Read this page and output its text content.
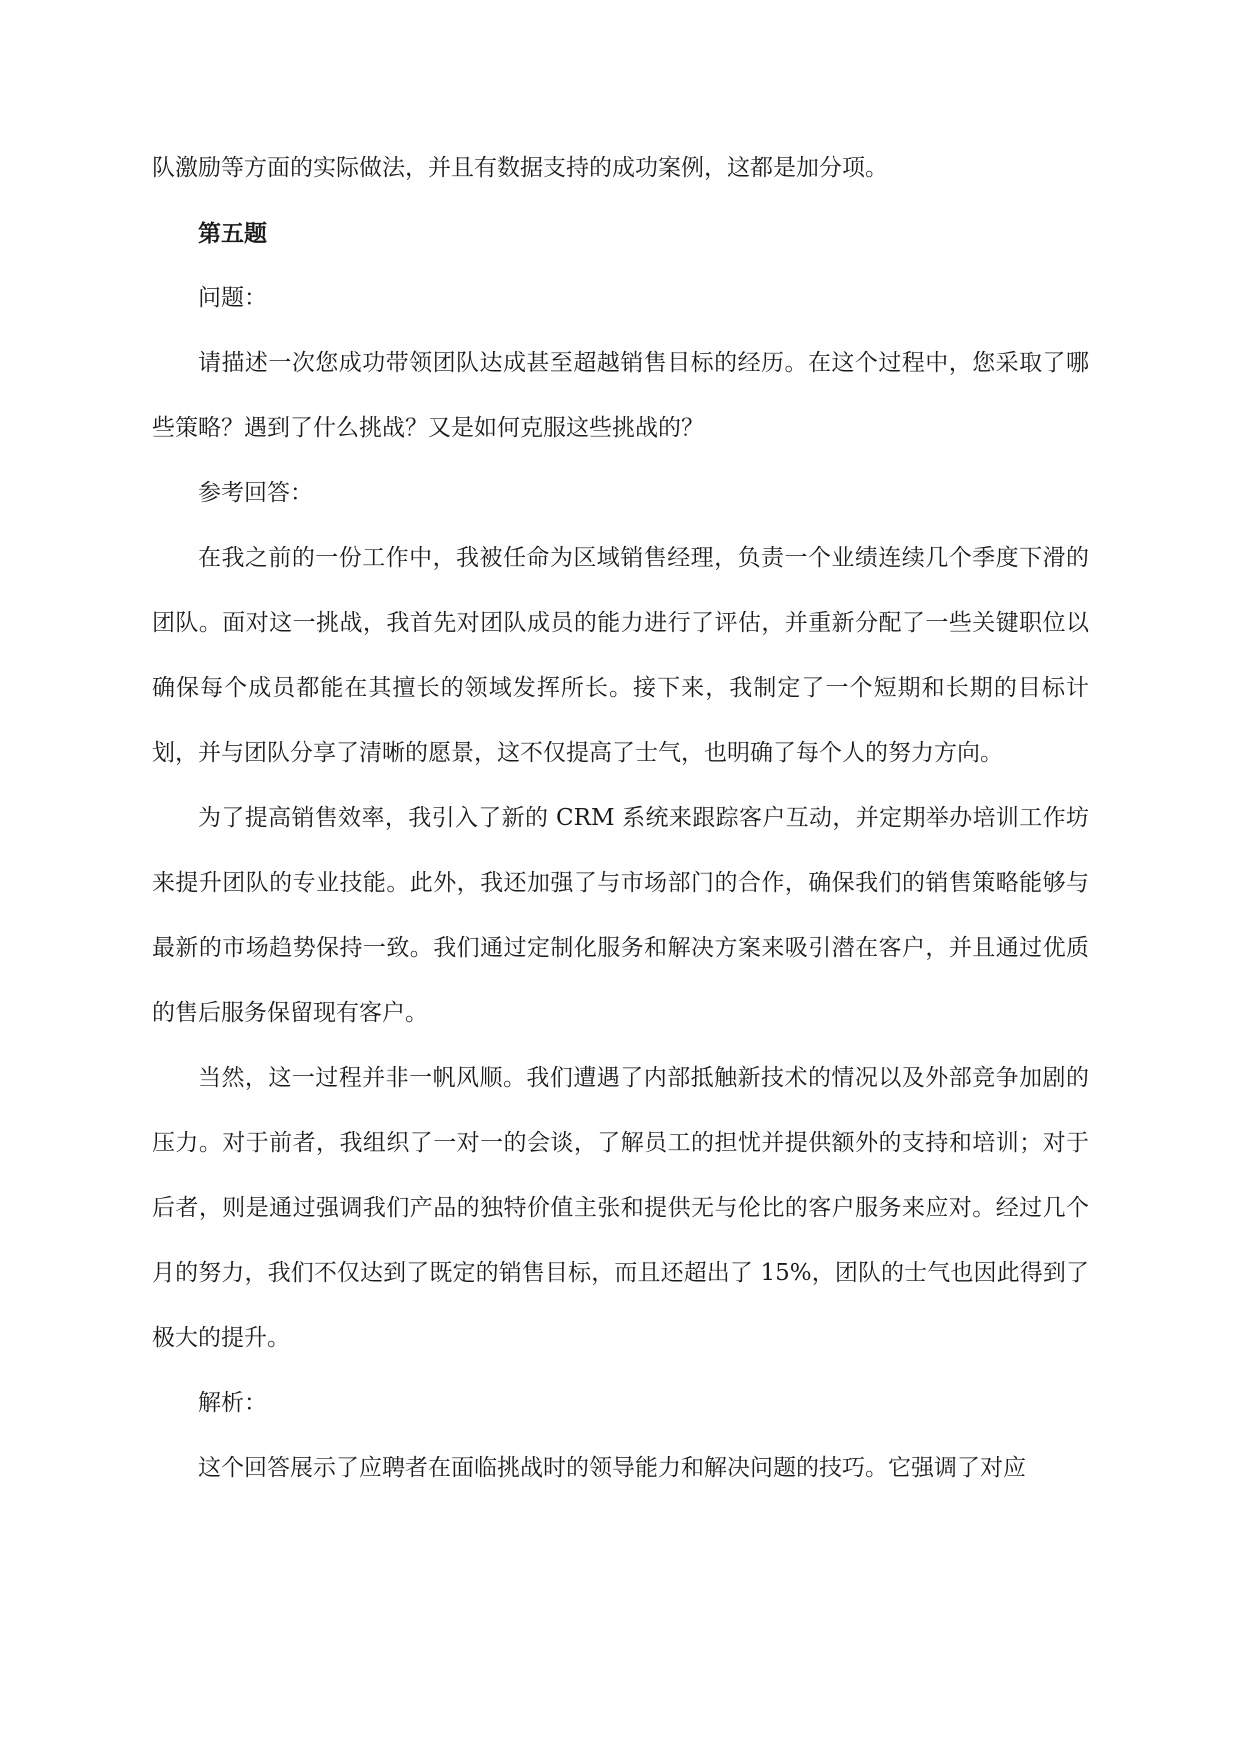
队激励等方面的实际做法，并且有数据支持的成功案例，这都是加分项。

第五题

问题：

请描述一次您成功带领团队达成甚至超越销售目标的经历。在这个过程中，您采取了哪些策略？遇到了什么挑战？又是如何克服这些挑战的？

参考回答：

在我之前的一份工作中，我被任命为区域销售经理，负责一个业绩连续几个季度下滑的团队。面对这一挑战，我首先对团队成员的能力进行了评估，并重新分配了一些关键职位以确保每个成员都能在其擅长的领域发挥所长。接下来，我制定了一个短期和长期的目标计划，并与团队分享了清晰的愿景，这不仅提高了士气，也明确了每个人的努力方向。

为了提高销售效率，我引入了新的 CRM 系统来跟踪客户互动，并定期举办培训工作坊来提升团队的专业技能。此外，我还加强了与市场部门的合作，确保我们的销售策略能够与最新的市场趋势保持一致。我们通过定制化服务和解决方案来吸引潜在客户，并且通过优质的售后服务保留现有客户。

当然，这一过程并非一帆风顺。我们遭遇了内部抵触新技术的情况以及外部竞争加剧的压力。对于前者，我组织了一对一的会谈，了解员工的担忧并提供额外的支持和培训；对于后者，则是通过强调我们产品的独特价值主张和提供无与伦比的客户服务来应对。经过几个月的努力，我们不仅达到了既定的销售目标，而且还超出了 15%，团队的士气也因此得到了极大的提升。

解析：

这个回答展示了应聘者在面临挑战时的领导能力和解决问题的技巧。它强调了对应
